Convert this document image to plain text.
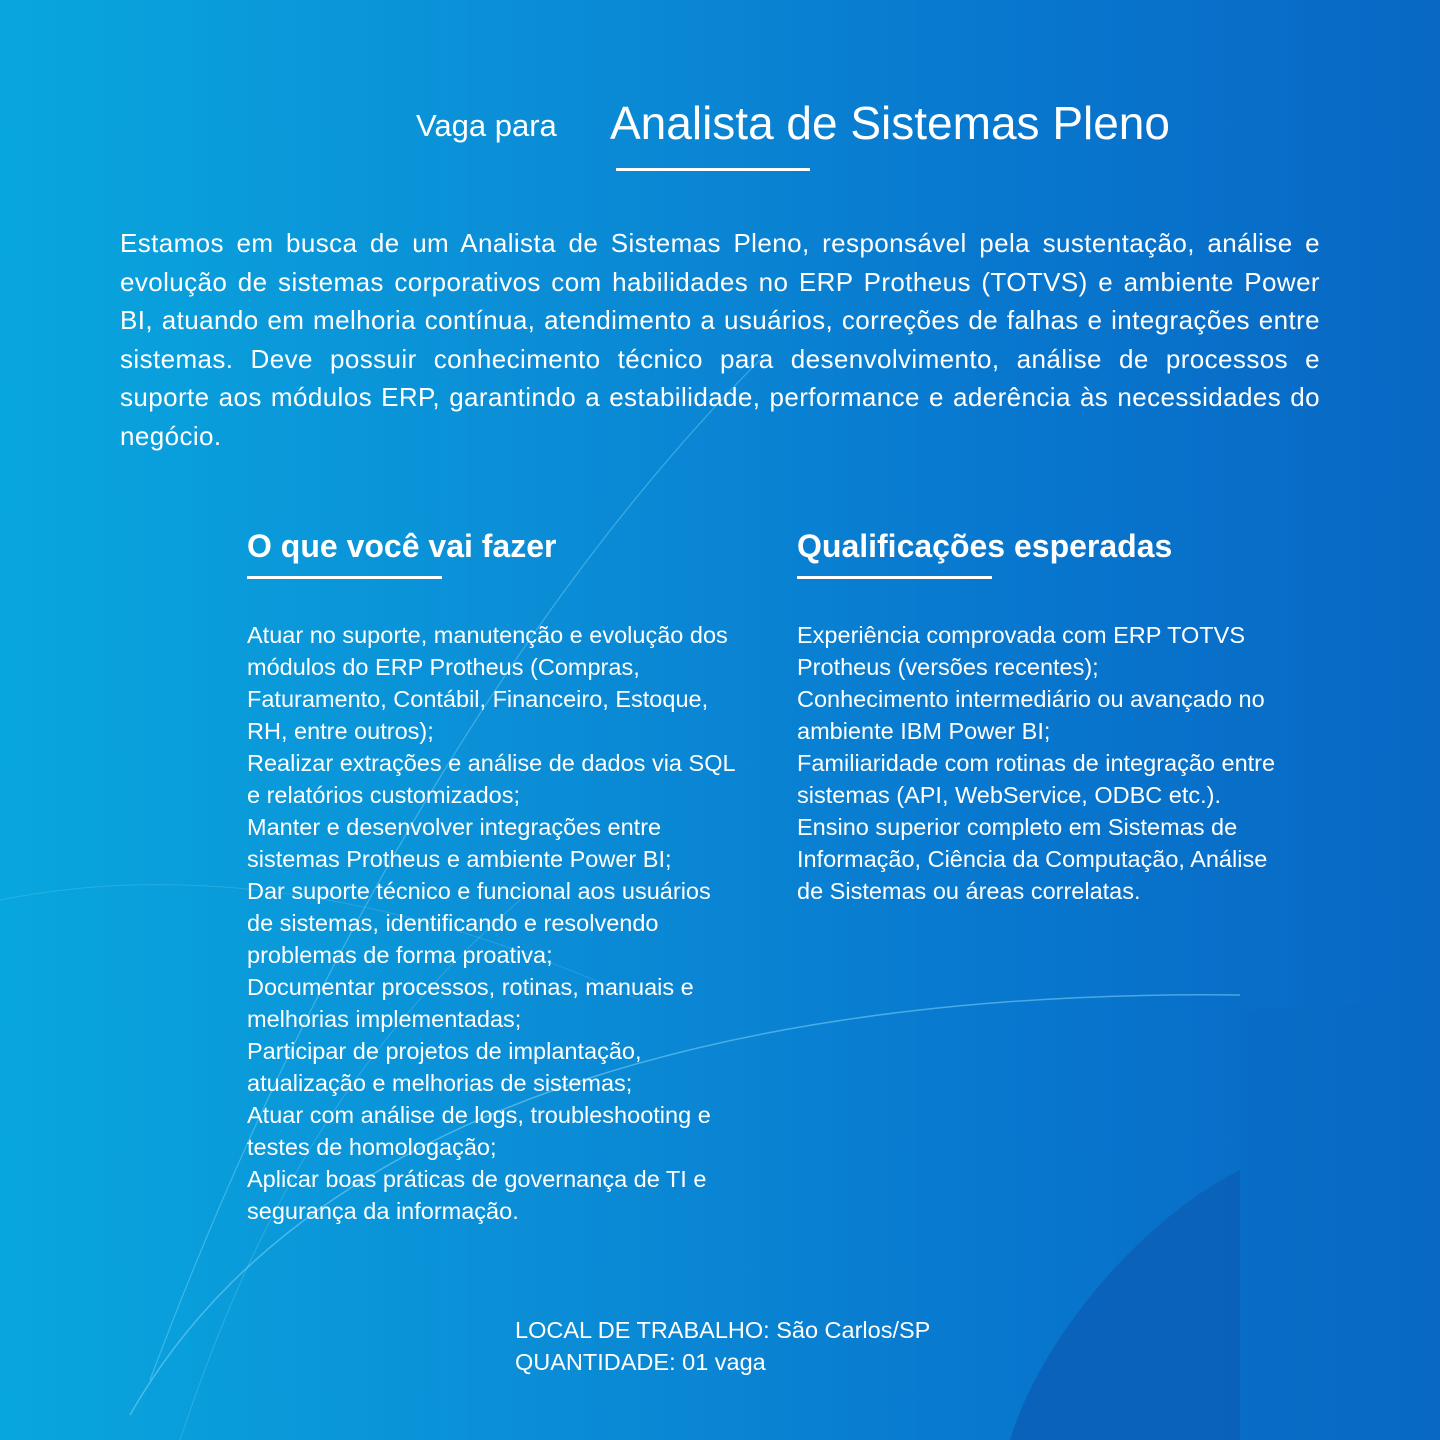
Vaga para Analista de Sistemas Pleno
Estamos em busca de um Analista de Sistemas Pleno, responsável pela sustentação, análise e evolução de sistemas corporativos com habilidades no ERP Protheus (TOTVS) e ambiente Power BI, atuando em melhoria contínua, atendimento a usuários, correções de falhas e integrações entre sistemas. Deve possuir conhecimento técnico para desenvolvimento, análise de processos e suporte aos módulos ERP, garantindo a estabilidade, performance e aderência às necessidades do negócio.
O que você vai fazer
Atuar no suporte, manutenção e evolução dos módulos do ERP Protheus (Compras, Faturamento, Contábil, Financeiro, Estoque, RH, entre outros);
Realizar extrações e análise de dados via SQL e relatórios customizados;
Manter e desenvolver integrações entre sistemas Protheus e ambiente Power BI;
Dar suporte técnico e funcional aos usuários de sistemas, identificando e resolvendo problemas de forma proativa;
Documentar processos, rotinas, manuais e melhorias implementadas;
Participar de projetos de implantação, atualização e melhorias de sistemas;
Atuar com análise de logs, troubleshooting e testes de homologação;
Aplicar boas práticas de governança de TI e segurança da informação.
Qualificações esperadas
Experiência comprovada com ERP TOTVS Protheus (versões recentes);
Conhecimento intermediário ou avançado no ambiente IBM Power BI;
Familiaridade com rotinas de integração entre sistemas (API, WebService, ODBC etc.).
Ensino superior completo em Sistemas de Informação, Ciência da Computação, Análise de Sistemas ou áreas correlatas.
LOCAL DE TRABALHO: São Carlos/SP
QUANTIDADE: 01 vaga
